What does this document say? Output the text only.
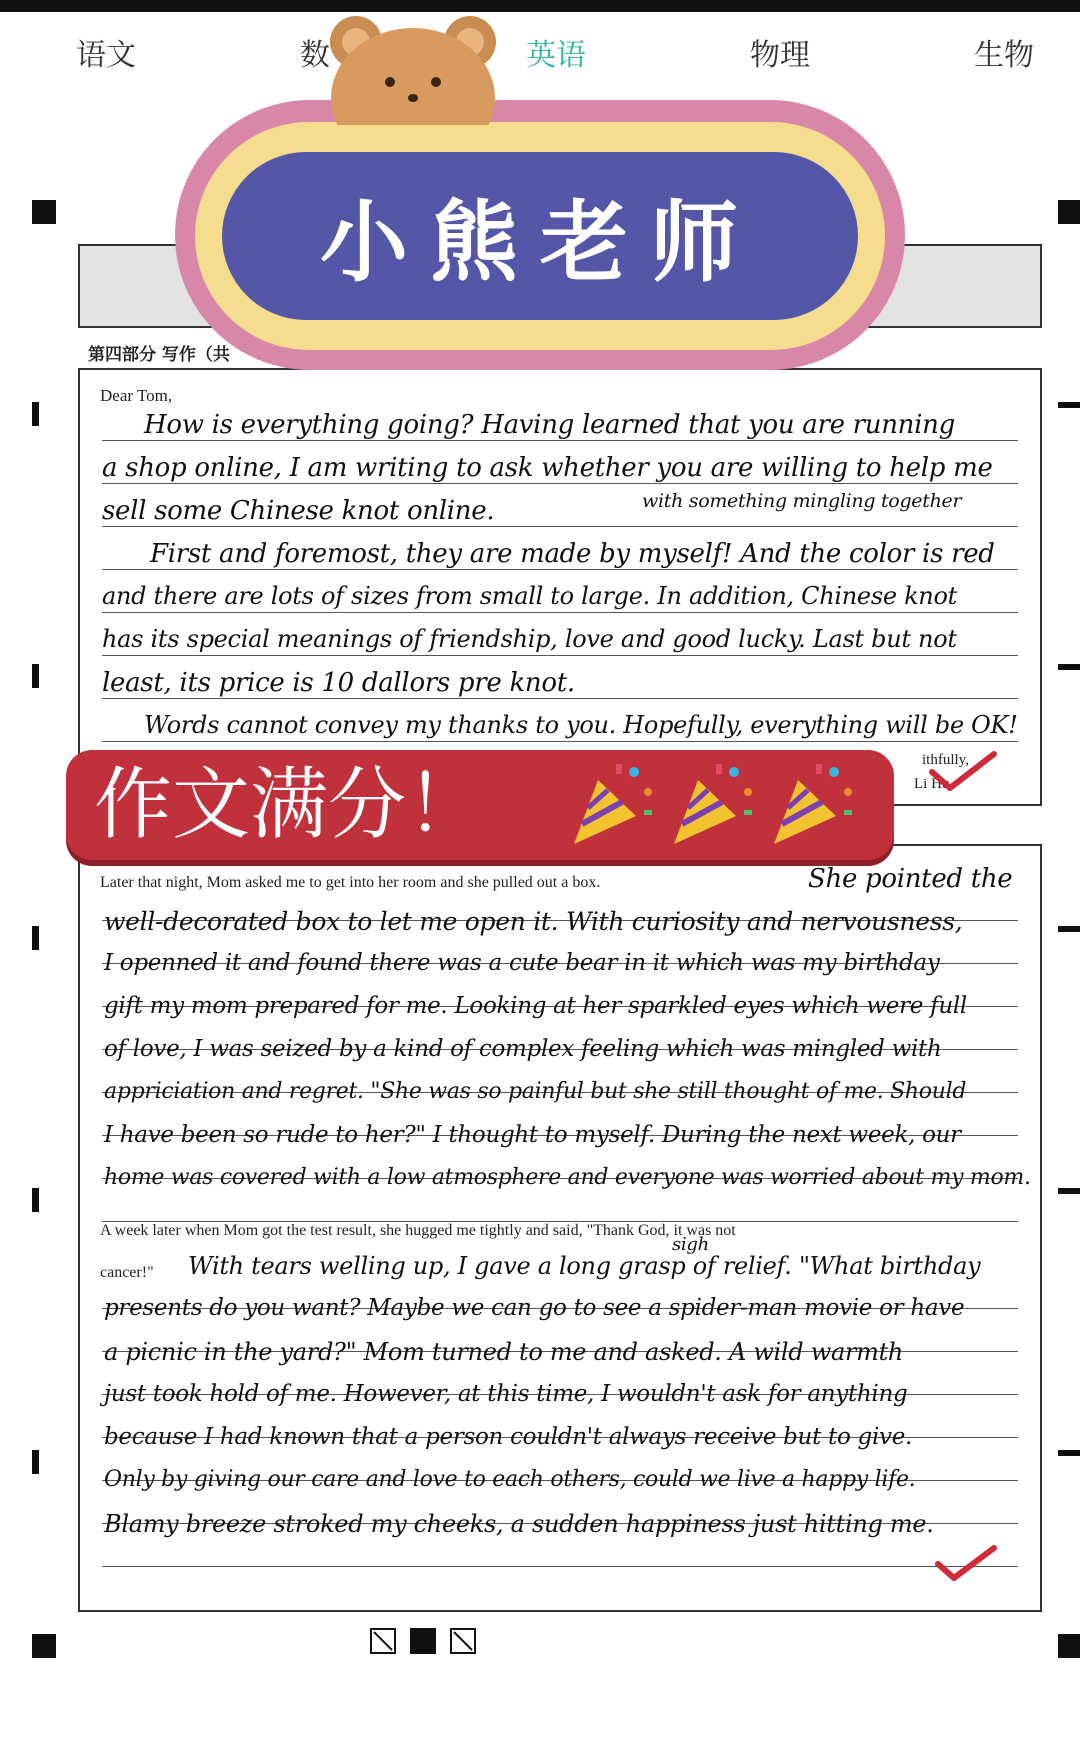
语文	数	英语	物理	生物
第四部分 写作（共
Dear Tom,
How is everything going? Having learned that you are running
a shop online, I am writing to ask whether you are willing to help me
sell some Chinese knot online.	with something mingling together
First and foremost, they are made by myself! And the color is red
and there are lots of sizes from small to large. In addition, Chinese knot
has its special meanings of friendship, love and good lucky. Last but not
least, its price is 10 dallors pre knot.
Words cannot convey my thanks to you. Hopefully, everything will be OK!
ithfully,
Li Hu
Later that night, Mom asked me to get into her room and she pulled out a box.	She pointed the
well-decorated box to let me open it. With curiosity and nervousness,
I openned it and found there was a cute bear in it which was my birthday
gift my mom prepared for me. Looking at her sparkled eyes which were full
of love, I was seized by a kind of complex feeling which was mingled with
appriciation and regret. "She was so painful but she still thought of me. Should
I have been so rude to her?" I thought to myself. During the next week, our
home was covered with a low atmosphere and everyone was worried about my mom.
A week later when Mom got the test result, she hugged me tightly and said, "Thank God, it was not
sigh
cancer!" With tears welling up, I gave a long grasp of relief. "What birthday
presents do you want? Maybe we can go to see a spider-man movie or have
a picnic in the yard?" Mom turned to me and asked. A wild warmth
just took hold of me. However, at this time, I wouldn't ask for anything
because I had known that a person couldn't always receive but to give.
Only by giving our care and love to each others, could we live a happy life.
Blamy breeze stroked my cheeks, a sudden happiness just hitting me.
小熊老师
作文满分！
